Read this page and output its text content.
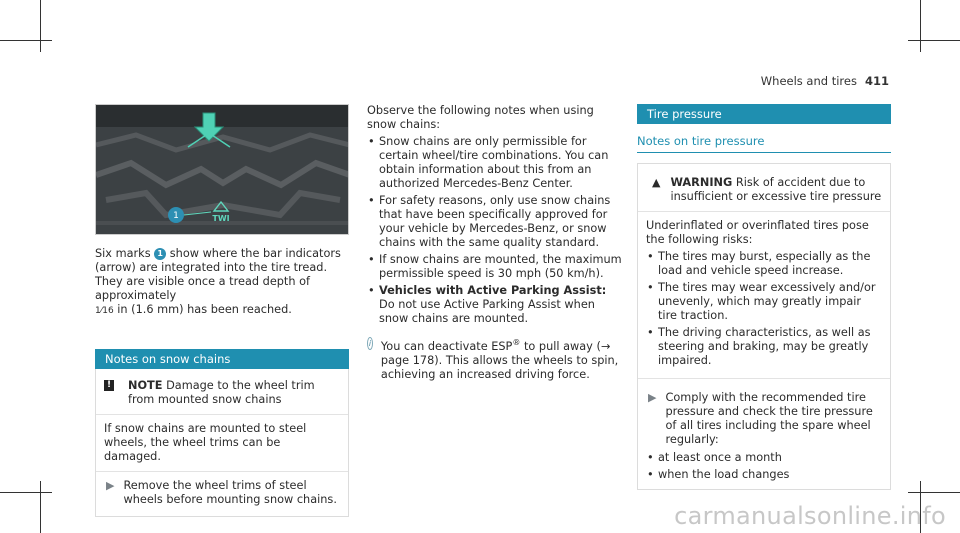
Wheels and tires 411
TWI
1

Six marks 1 show where the bar indicators (arrow) are integrated into the tire tread. They are visible once a tread depth of approximately
1⁄16 in (1.6 mm) has been reached.

Notes on snow chains
! NOTE Damage to the wheel trim from mounted snow chains
If snow chains are mounted to steel wheels, the wheel trims can be damaged.
▶ Remove the wheel trims of steel wheels before mounting snow chains.

Observe the following notes when using snow chains:

• Snow chains are only permissible for certain wheel/tire combinations. You can obtain information about this from an authorized Mercedes-Benz Center.
• For safety reasons, only use snow chains that have been specifically approved for your vehicle by Mercedes-Benz, or snow chains with the same quality standard.
• If snow chains are mounted, the maximum permissible speed is 30 mph (50 km/h).
• Vehicles with Active Parking Assist: Do not use Active Parking Assist when snow chains are mounted.
i You can deactivate ESP® to pull away (→ page 178). This allows the wheels to spin, achieving an increased driving force.
Tire pressure
Notes on tire pressure
▲ WARNING Risk of accident due to insufficient or excessive tire pressure

Underinflated or overinflated tires pose the following risks:

• The tires may burst, especially as the load and vehicle speed increase.
• The tires may wear excessively and/or unevenly, which may greatly impair tire traction.
• The driving characteristics, as well as steering and braking, may be greatly impaired.
▶ Comply with the recommended tire pressure and check the tire pressure of all tires including the spare wheel regularly:
• at least once a month
• when the load changes
carmanualsonline.info
